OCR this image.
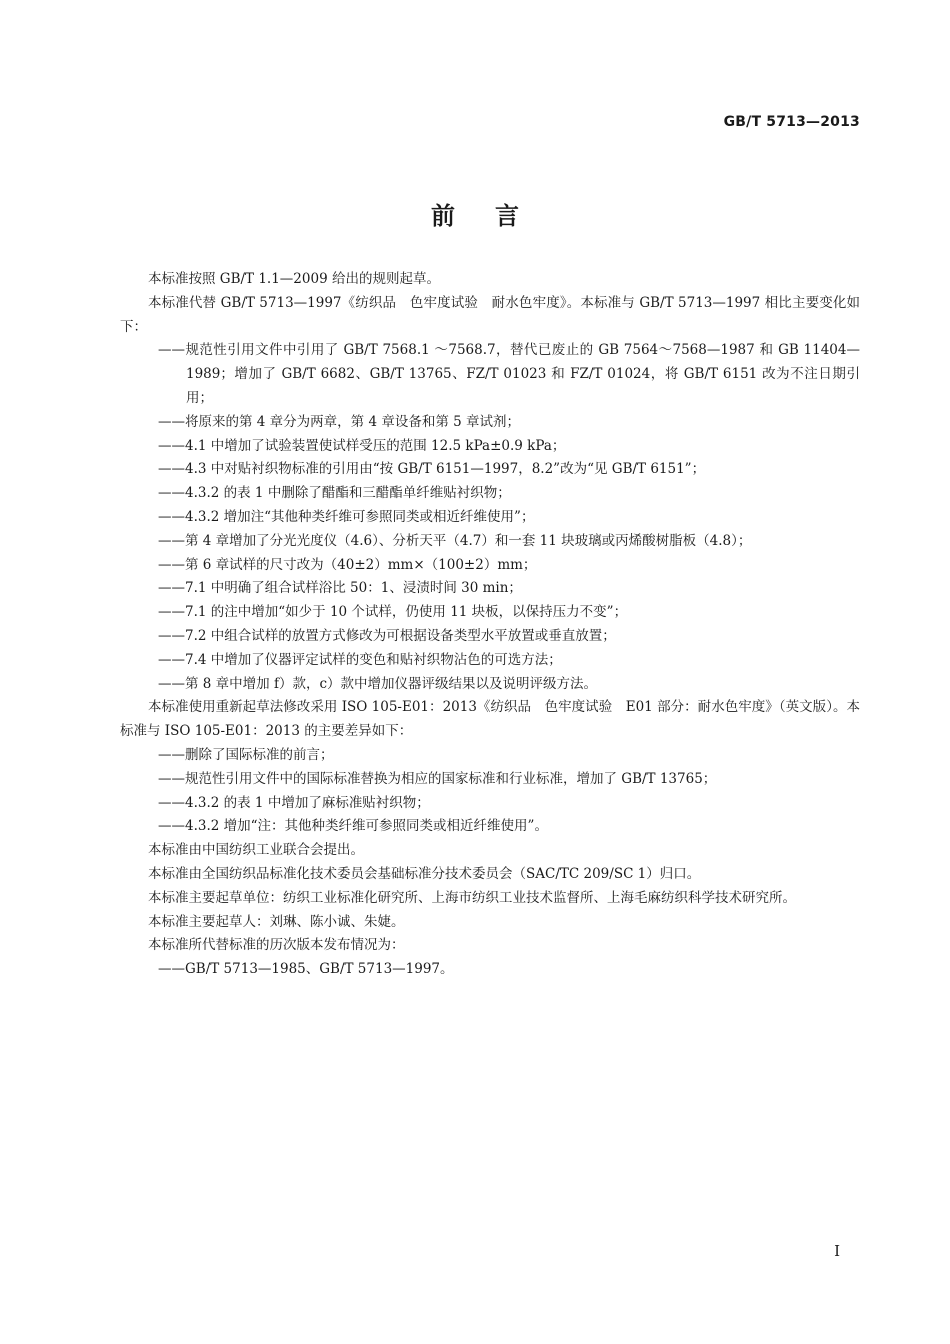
GB/T 5713—2013
前言

本标准按照 GB/T 1.1—2009 给出的规则起草。

本标准代替 GB/T 5713—1997《纺织品　色牢度试验　耐水色牢度》。本标准与 GB/T 5713—1997 相比主要变化如下：

——规范性引用文件中引用了 GB/T 7568.1 ～7568.7，替代已废止的 GB 7564～7568—1987 和 GB 11404—1989；增加了 GB/T 6682、GB/T 13765、FZ/T 01023 和 FZ/T 01024，将 GB/T 6151 改为不注日期引用；

——将原来的第 4 章分为两章，第 4 章设备和第 5 章试剂；

——4.1 中增加了试验装置使试样受压的范围 12.5 kPa±0.9 kPa；

——4.3 中对贴衬织物标准的引用由“按 GB/T 6151—1997，8.2”改为“见 GB/T 6151”；

——4.3.2 的表 1 中删除了醋酯和三醋酯单纤维贴衬织物；

——4.3.2 增加注“其他种类纤维可参照同类或相近纤维使用”；

——第 4 章增加了分光光度仪（4.6）、分析天平（4.7）和一套 11 块玻璃或丙烯酸树脂板（4.8）；

——第 6 章试样的尺寸改为（40±2）mm×（100±2）mm；

——7.1 中明确了组合试样浴比 50：1、浸渍时间 30 min；

——7.1 的注中增加“如少于 10 个试样，仍使用 11 块板，以保持压力不变”；

——7.2 中组合试样的放置方式修改为可根据设备类型水平放置或垂直放置；

——7.4 中增加了仪器评定试样的变色和贴衬织物沾色的可选方法；

——第 8 章中增加 f）款，c）款中增加仪器评级结果以及说明评级方法。

本标准使用重新起草法修改采用 ISO 105-E01：2013《纺织品　色牢度试验　E01 部分：耐水色牢度》（英文版）。本标准与 ISO 105-E01：2013 的主要差异如下：

——删除了国际标准的前言；

——规范性引用文件中的国际标准替换为相应的国家标准和行业标准，增加了 GB/T 13765；

——4.3.2 的表 1 中增加了麻标准贴衬织物；

——4.3.2 增加“注：其他种类纤维可参照同类或相近纤维使用”。

本标准由中国纺织工业联合会提出。

本标准由全国纺织品标准化技术委员会基础标准分技术委员会（SAC/TC 209/SC 1）归口。

本标准主要起草单位：纺织工业标准化研究所、上海市纺织工业技术监督所、上海毛麻纺织科学技术研究所。

本标准主要起草人：刘琳、陈小诚、朱婕。

本标准所代替标准的历次版本发布情况为：

——GB/T 5713—1985、GB/T 5713—1997。

I
